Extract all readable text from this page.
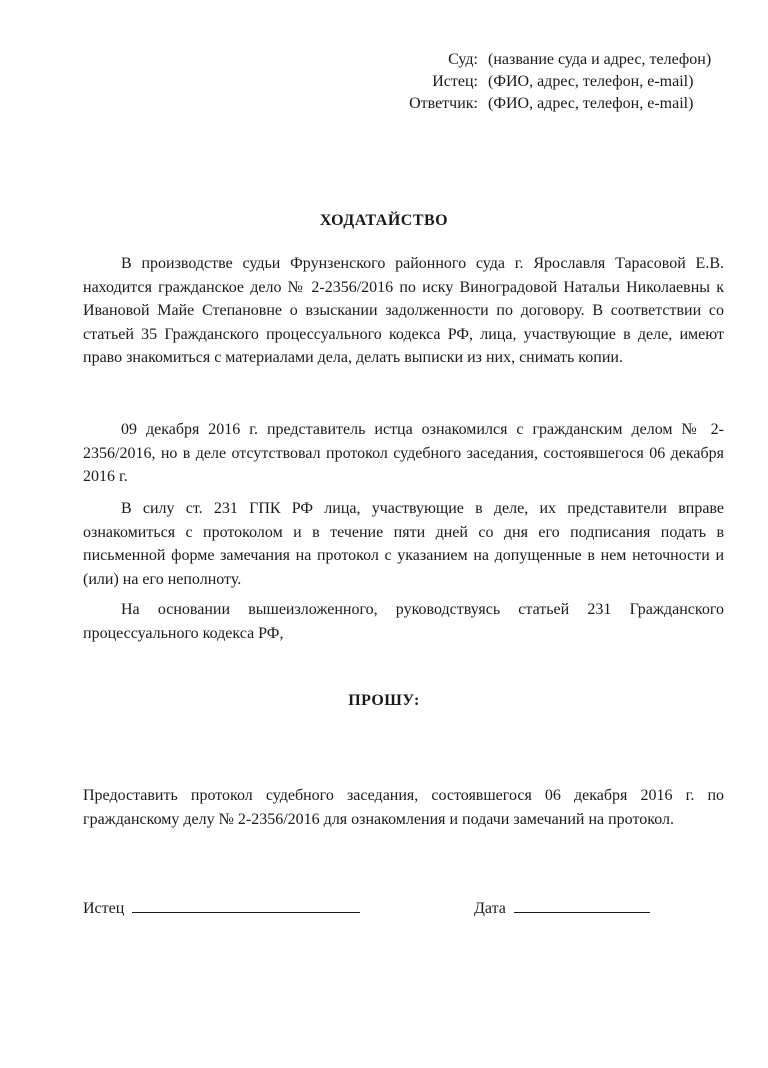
Суд: (название суда и адрес, телефон)
Истец: (ФИО, адрес, телефон, e-mail)
Ответчик: (ФИО, адрес, телефон, e-mail)
ХОДАТАЙСТВО

В производстве судьи Фрунзенского районного суда г. Ярославля Тарасовой Е.В. находится гражданское дело № 2-2356/2016 по иску Виноградовой Натальи Николаевны к Ивановой Майе Степановне о взыскании задолженности по договору. В соответствии со статьей 35 Гражданского процессуального кодекса РФ, лица, участвующие в деле, имеют право знакомиться с материалами дела, делать выписки из них, снимать копии.

09 декабря 2016 г. представитель истца ознакомился с гражданским делом № 2-2356/2016, но в деле отсутствовал протокол судебного заседания, состоявшегося 06 декабря 2016 г.

В силу ст. 231 ГПК РФ лица, участвующие в деле, их представители вправе ознакомиться с протоколом и в течение пяти дней со дня его подписания подать в письменной форме замечания на протокол с указанием на допущенные в нем неточности и (или) на его неполноту.

На основании вышеизложенного, руководствуясь статьей 231 Гражданского процессуального кодекса РФ,

ПРОШУ:

Предоставить протокол судебного заседания, состоявшегося 06 декабря 2016 г. по гражданскому делу № 2-2356/2016 для ознакомления и подачи замечаний на протокол.

Истец	Дата
